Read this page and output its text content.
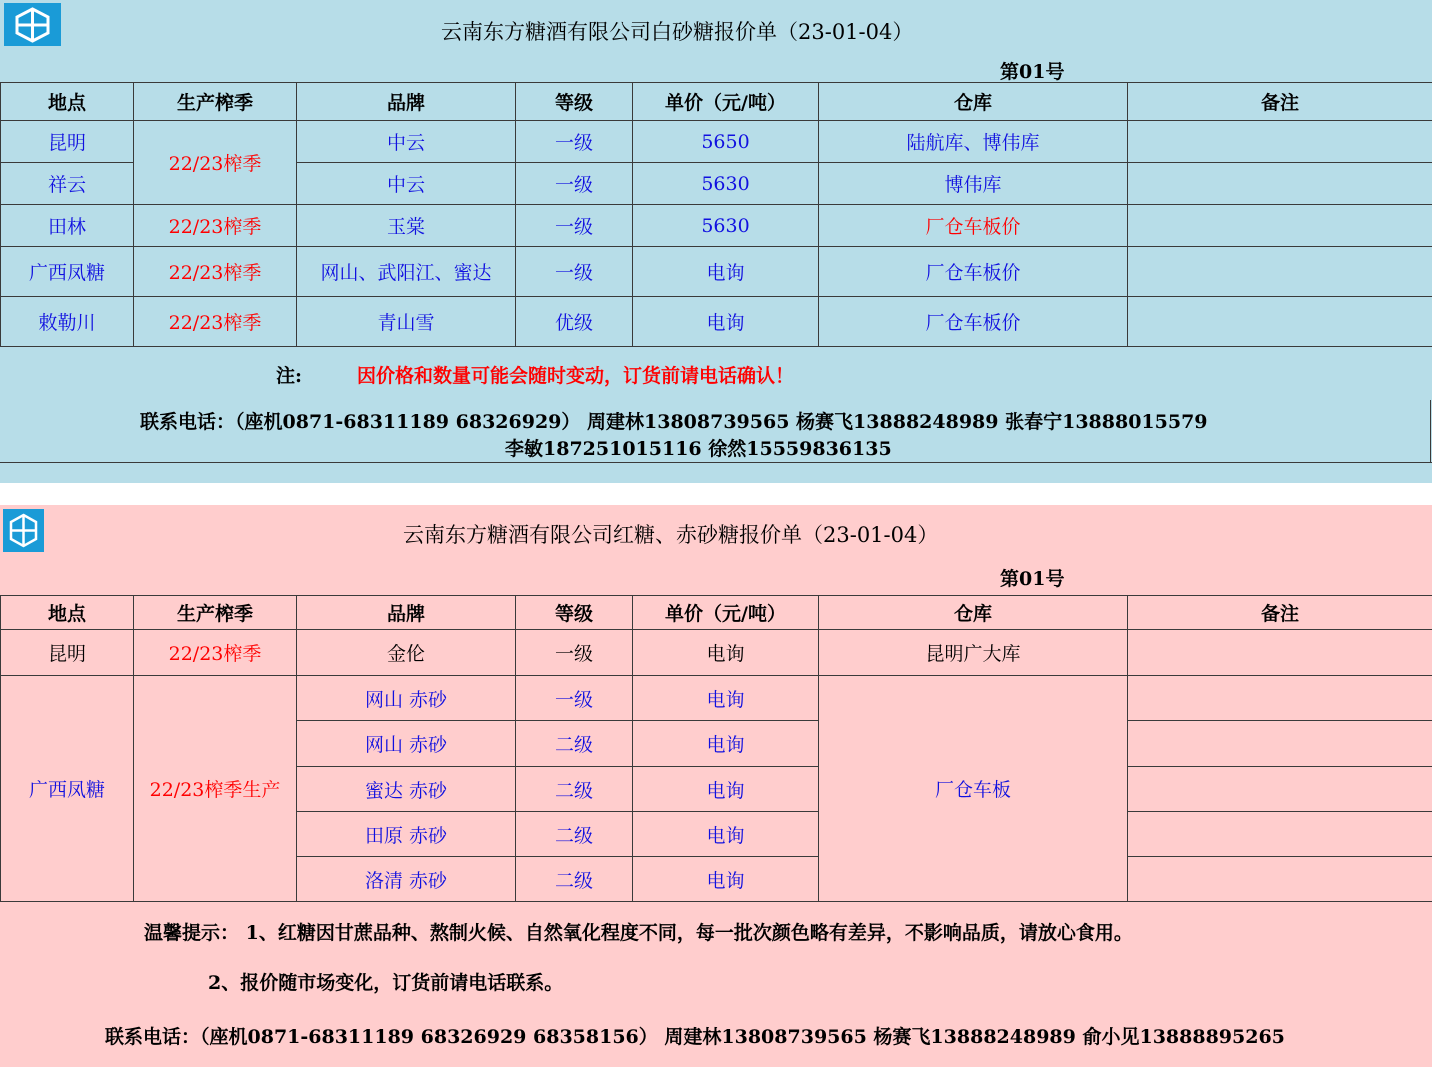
云南东方糖酒有限公司白砂糖报价单（23-01-04）
第01号
地点	生产榨季	品牌	等级	单价（元/吨）	仓库	备注
昆明	22/23榨季	中云	一级	5650	陆航库、博伟库	
祥云		中云	一级	5630	博伟库	
田林	22/23榨季	玉棠	一级	5630	厂仓车板价	
广西凤糖	22/23榨季	网山、武阳江、蜜达	一级	电询	厂仓车板价	
敕勒川	22/23榨季	青山雪	优级	电询	厂仓车板价	
注:	因价格和数量可能会随时变动，订货前请电话确认！
联系电话：（座机0871-68311189 68326929） 周建林13808739565 杨赛飞13888248989 张春宁13888015579
李敏187251015116 徐然15559836135
云南东方糖酒有限公司红糖、赤砂糖报价单（23-01-04）
第01号
地点	生产榨季	品牌	等级	单价（元/吨）	仓库	备注
昆明	22/23榨季	金伦	一级	电询	昆明广大库	
广西凤糖	22/23榨季生产	网山 赤砂	一级	电询	厂仓车板	
		网山 赤砂	二级	电询		
		蜜达 赤砂	二级	电询		
		田原 赤砂	二级	电询		
		洛清 赤砂	二级	电询		
温馨提示： 1、红糖因甘蔗品种、熬制火候、自然氧化程度不同，每一批次颜色略有差异，不影响品质，请放心食用。
2、报价随市场变化，订货前请电话联系。
联系电话：（座机0871-68311189 68326929 68358156） 周建林13808739565 杨赛飞13888248989 俞小见13888895265
